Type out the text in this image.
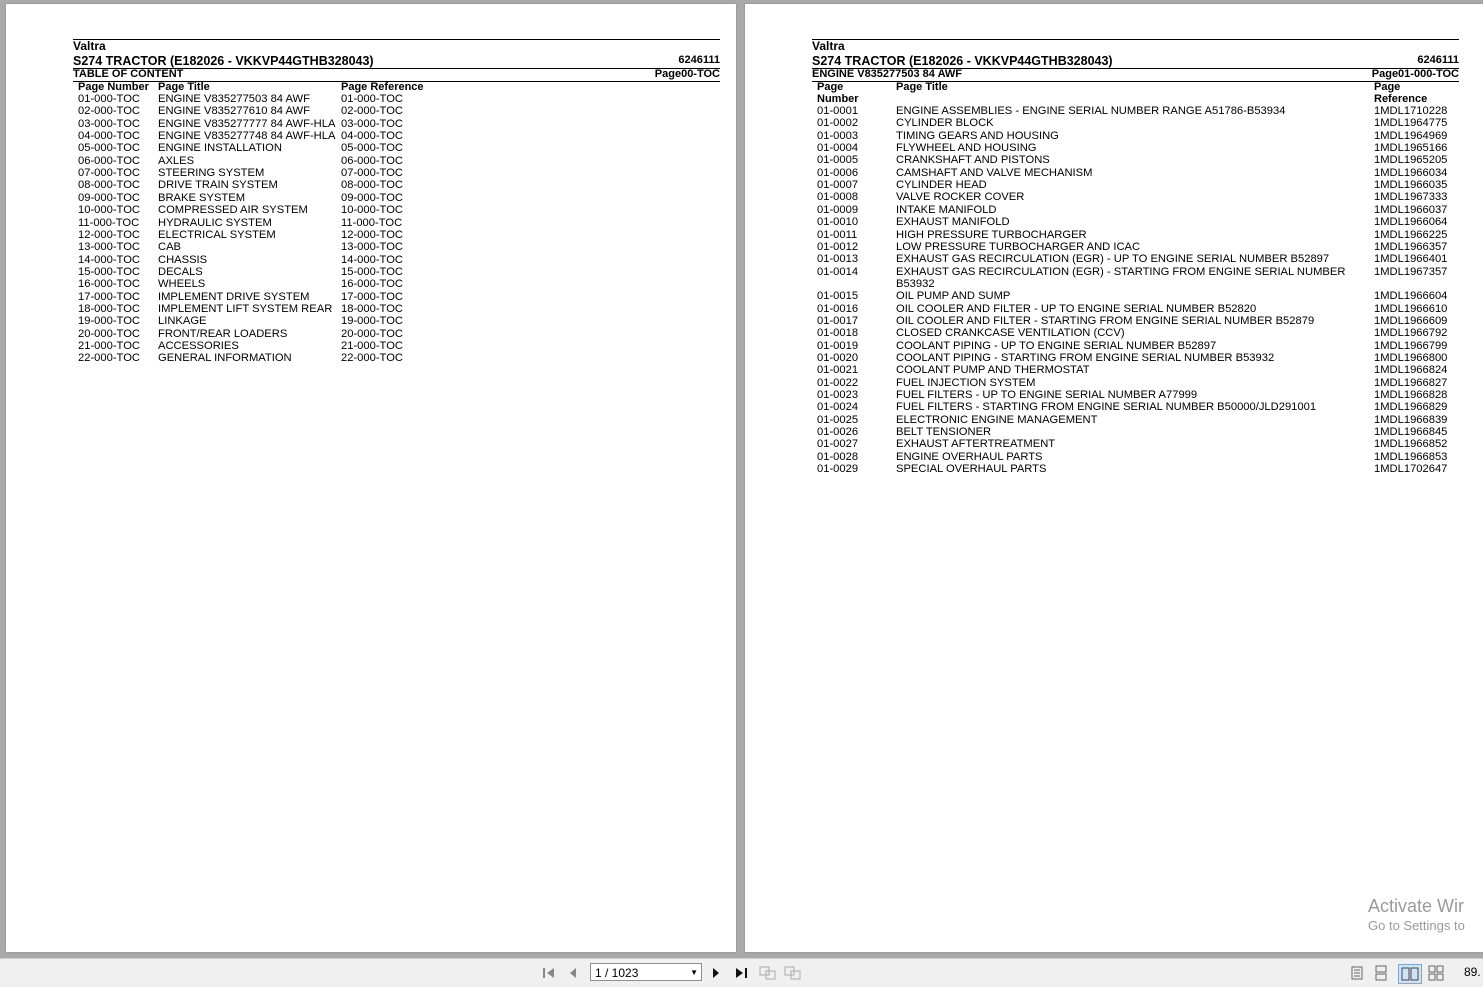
Valtra
S274 TRACTOR (E182026 - VKKVP44GTHB328043)	6246111
TABLE OF CONTENT	Page00-TOC
Page Number Page Title	Page Reference
01-000-TOC ENGINE V835277503 84 AWF	01-000-TOC
02-000-TOC ENGINE V835277610 84 AWF	02-000-TOC
03-000-TOC ENGINE V835277777 84 AWF-HLA 03-000-TOC
04-000-TOC ENGINE V835277748 84 AWF-HLA 04-000-TOC
05-000-TOC ENGINE INSTALLATION	05-000-TOC
06-000-TOC AXLES	06-000-TOC
07-000-TOC STEERING SYSTEM	07-000-TOC
08-000-TOC DRIVE TRAIN SYSTEM	08-000-TOC
09-000-TOC BRAKE SYSTEM	09-000-TOC
10-000-TOC COMPRESSED AIR SYSTEM	10-000-TOC
11-000-TOC HYDRAULIC SYSTEM	11-000-TOC
12-000-TOC ELECTRICAL SYSTEM	12-000-TOC
13-000-TOC CAB	13-000-TOC
14-000-TOC CHASSIS	14-000-TOC
15-000-TOC DECALS	15-000-TOC
16-000-TOC WHEELS	16-000-TOC
17-000-TOC IMPLEMENT DRIVE SYSTEM	17-000-TOC
18-000-TOC IMPLEMENT LIFT SYSTEM REAR 18-000-TOC
19-000-TOC LINKAGE	19-000-TOC
20-000-TOC FRONT/REAR LOADERS	20-000-TOC
21-000-TOC ACCESSORIES	21-000-TOC
22-000-TOC GENERAL INFORMATION	22-000-TOC
Valtra
S274 TRACTOR (E182026 - VKKVP44GTHB328043)	6246111
ENGINE V835277503 84 AWF	Page01-000-TOC
Page
Number
Page Title	Page
Reference
01-0001	ENGINE ASSEMBLIES - ENGINE SERIAL NUMBER RANGE A51786-B53934	1MDL1710228
01-0002	CYLINDER BLOCK	1MDL1964775
01-0003	TIMING GEARS AND HOUSING	1MDL1964969
01-0004	FLYWHEEL AND HOUSING	1MDL1965166
01-0005	CRANKSHAFT AND PISTONS	1MDL1965205
01-0006	CAMSHAFT AND VALVE MECHANISM	1MDL1966034
01-0007	CYLINDER HEAD	1MDL1966035
01-0008	VALVE ROCKER COVER	1MDL1967333
01-0009	INTAKE MANIFOLD	1MDL1966037
01-0010	EXHAUST MANIFOLD	1MDL1966064
01-0011	HIGH PRESSURE TURBOCHARGER	1MDL1966225
01-0012	LOW PRESSURE TURBOCHARGER AND ICAC	1MDL1966357
01-0013	EXHAUST GAS RECIRCULATION (EGR) - UP TO ENGINE SERIAL NUMBER B52897	1MDL1966401
01-0014	EXHAUST GAS RECIRCULATION (EGR) - STARTING FROM ENGINE SERIAL NUMBER	1MDL1967357
B53932
01-0015	OIL PUMP AND SUMP	1MDL1966604
01-0016	OIL COOLER AND FILTER - UP TO ENGINE SERIAL NUMBER B52820	1MDL1966610
01-0017	OIL COOLER AND FILTER - STARTING FROM ENGINE SERIAL NUMBER B52879	1MDL1966609
01-0018	CLOSED CRANKCASE VENTILATION (CCV)	1MDL1966792
01-0019	COOLANT PIPING - UP TO ENGINE SERIAL NUMBER B52897	1MDL1966799
01-0020	COOLANT PIPING - STARTING FROM ENGINE SERIAL NUMBER B53932	1MDL1966800
01-0021	COOLANT PUMP AND THERMOSTAT	1MDL1966824
01-0022	FUEL INJECTION SYSTEM	1MDL1966827
01-0023	FUEL FILTERS - UP TO ENGINE SERIAL NUMBER A77999	1MDL1966828
01-0024	FUEL FILTERS - STARTING FROM ENGINE SERIAL NUMBER B50000/JLD291001	1MDL1966829
01-0025	ELECTRONIC ENGINE MANAGEMENT	1MDL1966839
01-0026	BELT TENSIONER	1MDL1966845
01-0027	EXHAUST AFTERTREATMENT	1MDL1966852
01-0028	ENGINE OVERHAUL PARTS	1MDL1966853
01-0029	SPECIAL OVERHAUL PARTS	1MDL1702647
Activate Wir
Go to Settings to
1 / 1023	▼	89.
